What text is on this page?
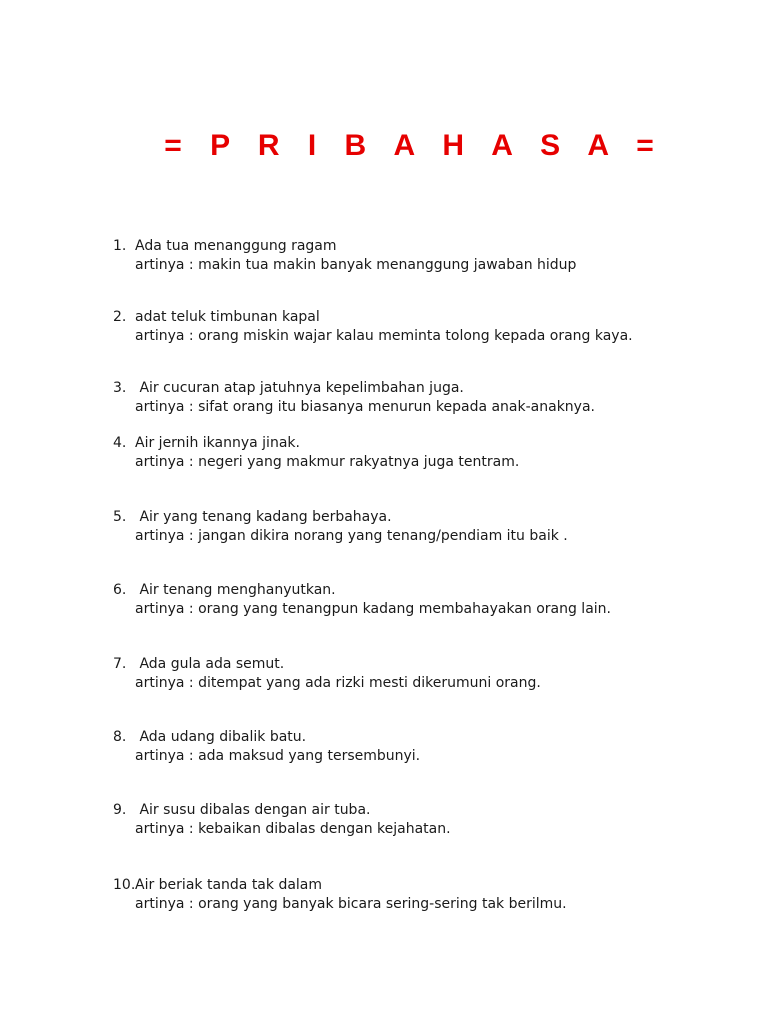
= P R I B A H A S A =
1. Ada tua menanggung ragam
artinya : makin tua makin banyak menanggung jawaban hidup
2. adat teluk timbunan kapal
artinya : orang miskin wajar kalau meminta tolong kepada orang kaya.
3. Air cucuran atap jatuhnya kepelimbahan juga.
artinya : sifat orang itu biasanya menurun kepada anak-anaknya.
4. Air jernih ikannya jinak.
artinya : negeri yang makmur rakyatnya juga tentram.
5. Air yang tenang kadang berbahaya.
artinya : jangan dikira norang yang tenang/pendiam itu baik .
6. Air tenang menghanyutkan.
artinya : orang yang tenangpun kadang membahayakan orang lain.
7. Ada gula ada semut.
artinya : ditempat yang ada rizki mesti dikerumuni orang.
8. Ada udang dibalik batu.
artinya : ada maksud yang tersembunyi.
9. Air susu dibalas dengan air tuba.
artinya : kebaikan dibalas dengan kejahatan.
10. Air beriak tanda tak dalam
artinya : orang yang banyak bicara sering-sering tak berilmu.
